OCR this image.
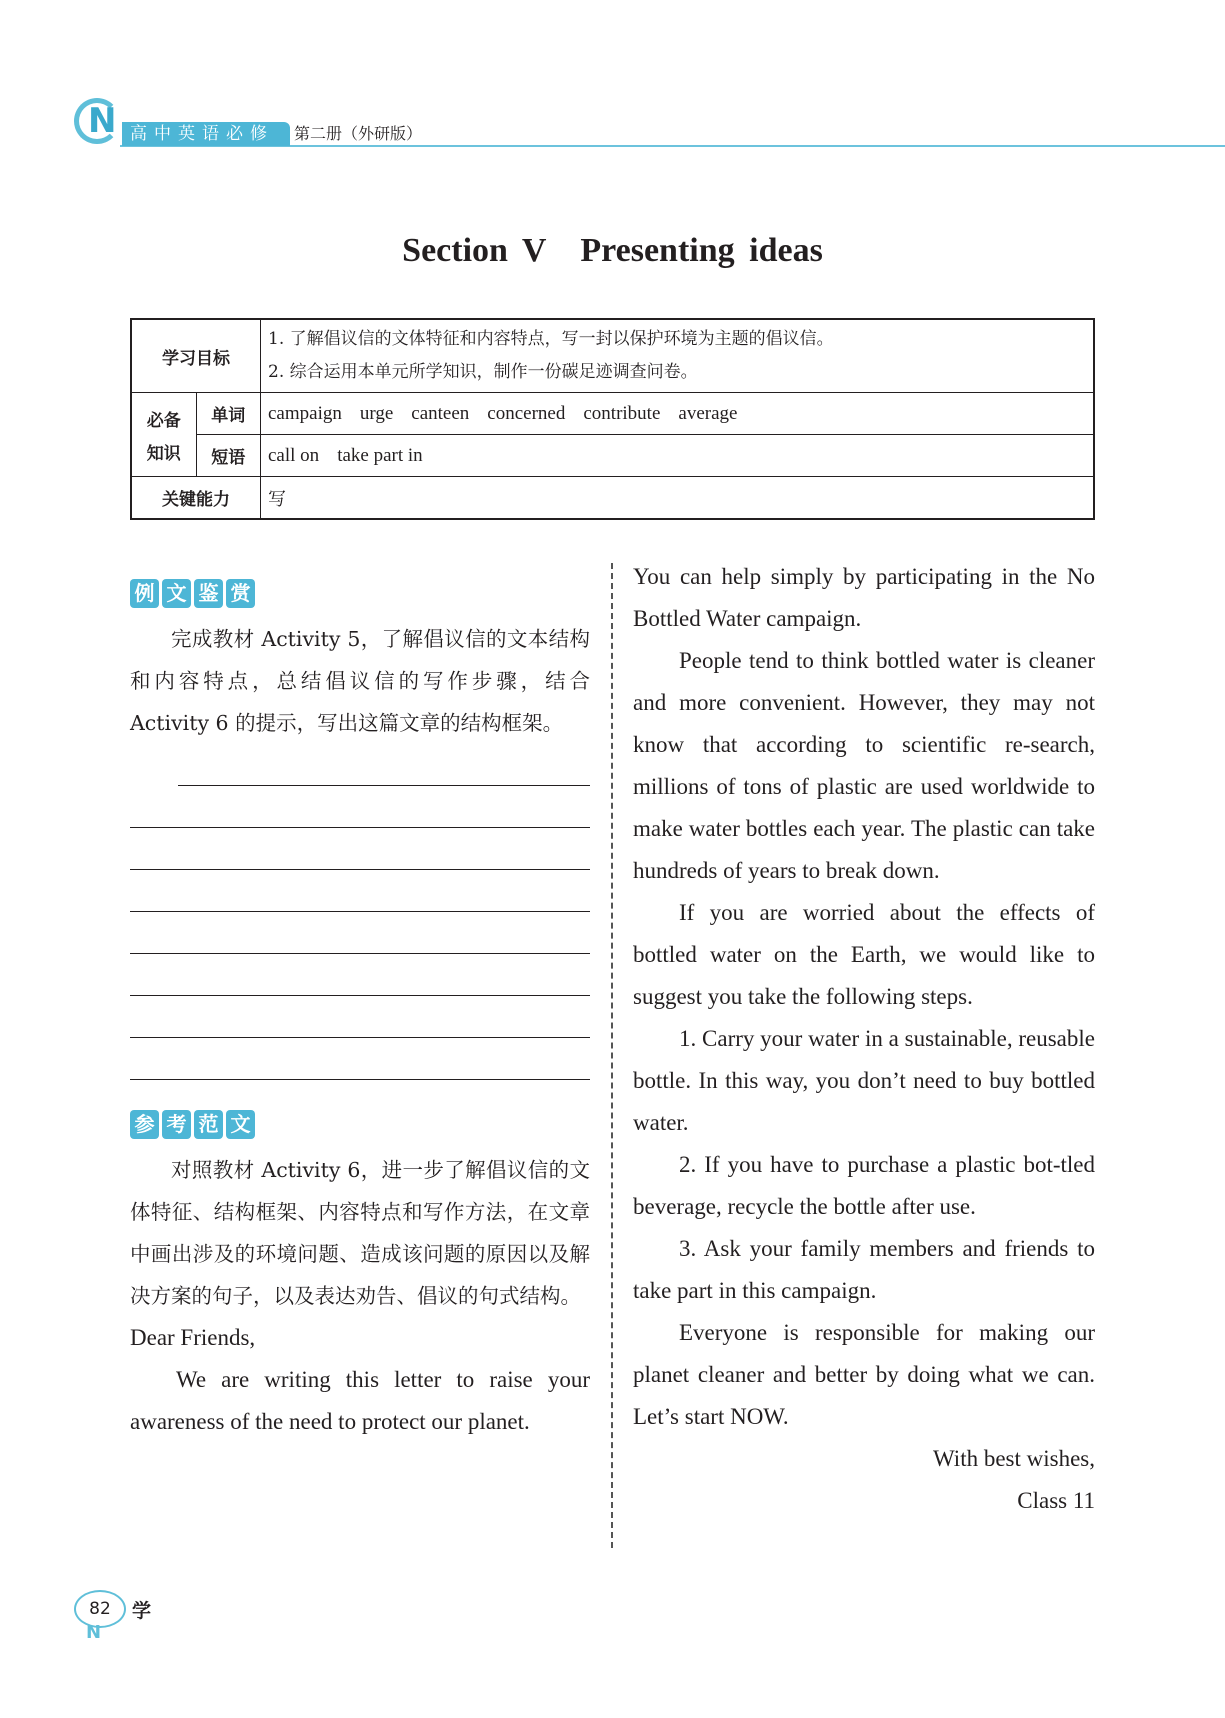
N 高中英语必修	第二册（外研版）
Section V Presenting ideas
学习目标		1. 了解倡议信的文体特征和内容特点，写一封以保护环境为主题的倡议信。
2. 综合运用本单元所学知识，制作一份碳足迹调查问卷。

必备
知识	单词	campaign urge canteen concerned contribute average
	短语	call on take part in
关键能力		写
例 文 鉴 赏

完成教材 Activity 5，了解倡议信的文本结构和内容特点，总结倡议信的写作步骤，结合 Activity 6 的提示，写出这篇文章的结构框架。

参 考 范 文

对照教材 Activity 6，进一步了解倡议信的文体特征、结构框架、内容特点和写作方法，在文章中画出涉及的环境问题、造成该问题的原因以及解决方案的句子，以及表达劝告、倡议的句式结构。

Dear Friends,

We are writing this letter to raise your awareness of the need to protect our planet.

You can help simply by participating in the No Bottled Water campaign.

People tend to think bottled water is cleaner and more convenient. However, they may not know that according to scientific re-search, millions of tons of plastic are used worldwide to make water bottles each year. The plastic can take hundreds of years to break down.

If you are worried about the effects of bottled water on the Earth, we would like to suggest you take the following steps.

1. Carry your water in a sustainable, reusable bottle. In this way, you don’t need to buy bottled water.

2. If you have to purchase a plastic bot-tled beverage, recycle the bottle after use.

3. Ask your family members and friends to take part in this campaign.

Everyone is responsible for making our planet cleaner and better by doing what we can. Let’s start NOW.

With best wishes,

Class 11

82
N
学
